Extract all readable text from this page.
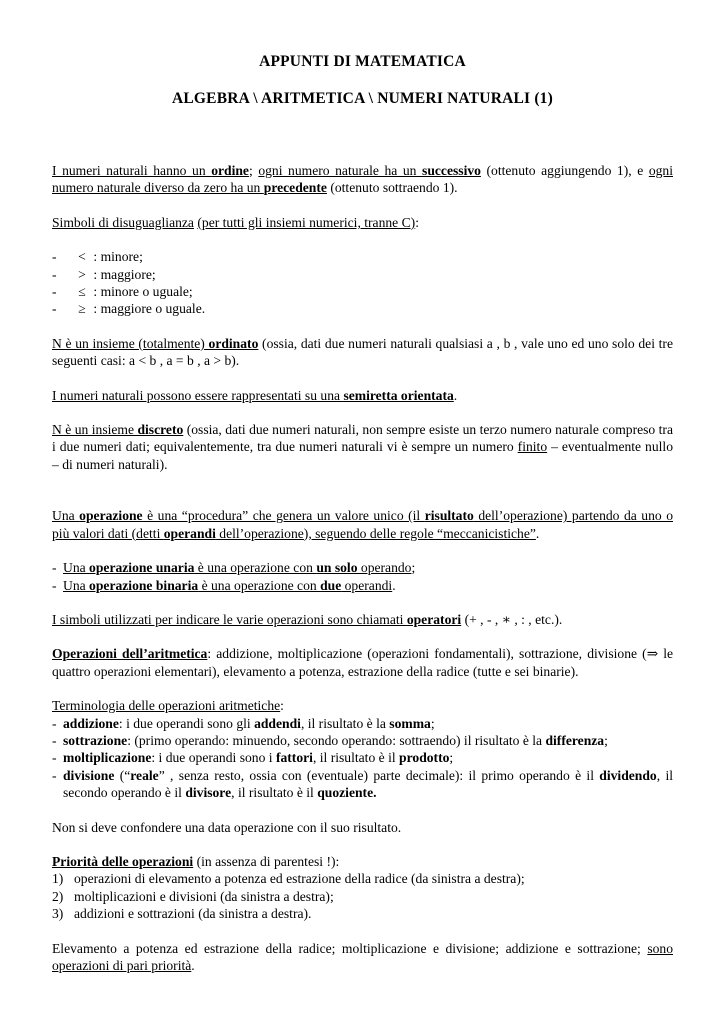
APPUNTI DI MATEMATICA
ALGEBRA \ ARITMETICA \ NUMERI NATURALI (1)

I numeri naturali hanno un ordine; ogni numero naturale ha un successivo (ottenuto aggiungendo 1), e ogni numero naturale diverso da zero ha un precedente (ottenuto sottraendo 1).

Simboli di disuguaglianza (per tutti gli insiemi numerici, tranne C):

- < : minore;
- > : maggiore;
- ≤ : minore o uguale;
- ≥ : maggiore o uguale.

N è un insieme (totalmente) ordinato (ossia, dati due numeri naturali qualsiasi a , b , vale uno ed uno solo dei tre seguenti casi: a < b , a = b , a > b).

I numeri naturali possono essere rappresentati su una semiretta orientata.

N è un insieme discreto (ossia, dati due numeri naturali, non sempre esiste un terzo numero naturale compreso tra i due numeri dati; equivalentemente, tra due numeri naturali vi è sempre un numero finito – eventualmente nullo – di numeri naturali).

Una operazione è una “procedura” che genera un valore unico (il risultato dell’operazione) partendo da uno o più valori dati (detti operandi dell’operazione), seguendo delle regole “meccanicistiche”.

- Una operazione unaria è una operazione con un solo operando;
- Una operazione binaria è una operazione con due operandi.

I simboli utilizzati per indicare le varie operazioni sono chiamati operatori (+ , - , ∗ , : , etc.).

Operazioni dell’aritmetica: addizione, moltiplicazione (operazioni fondamentali), sottrazione, divisione (⇒ le quattro operazioni elementari), elevamento a potenza, estrazione della radice (tutte e sei binarie).

Terminologia delle operazioni aritmetiche:

- addizione: i due operandi sono gli addendi, il risultato è la somma;
- sottrazione: (primo operando: minuendo, secondo operando: sottraendo) il risultato è la differenza;
- moltiplicazione: i due operandi sono i fattori, il risultato è il prodotto;
- divisione (“reale” , senza resto, ossia con (eventuale) parte decimale): il primo operando è il dividendo, il secondo operando è il divisore, il risultato è il quoziente.

Non si deve confondere una data operazione con il suo risultato.

Priorità delle operazioni (in assenza di parentesi !):

1) operazioni di elevamento a potenza ed estrazione della radice (da sinistra a destra);
2) moltiplicazioni e divisioni (da sinistra a destra);
3) addizioni e sottrazioni (da sinistra a destra).

Elevamento a potenza ed estrazione della radice; moltiplicazione e divisione; addizione e sottrazione; sono operazioni di pari priorità.
